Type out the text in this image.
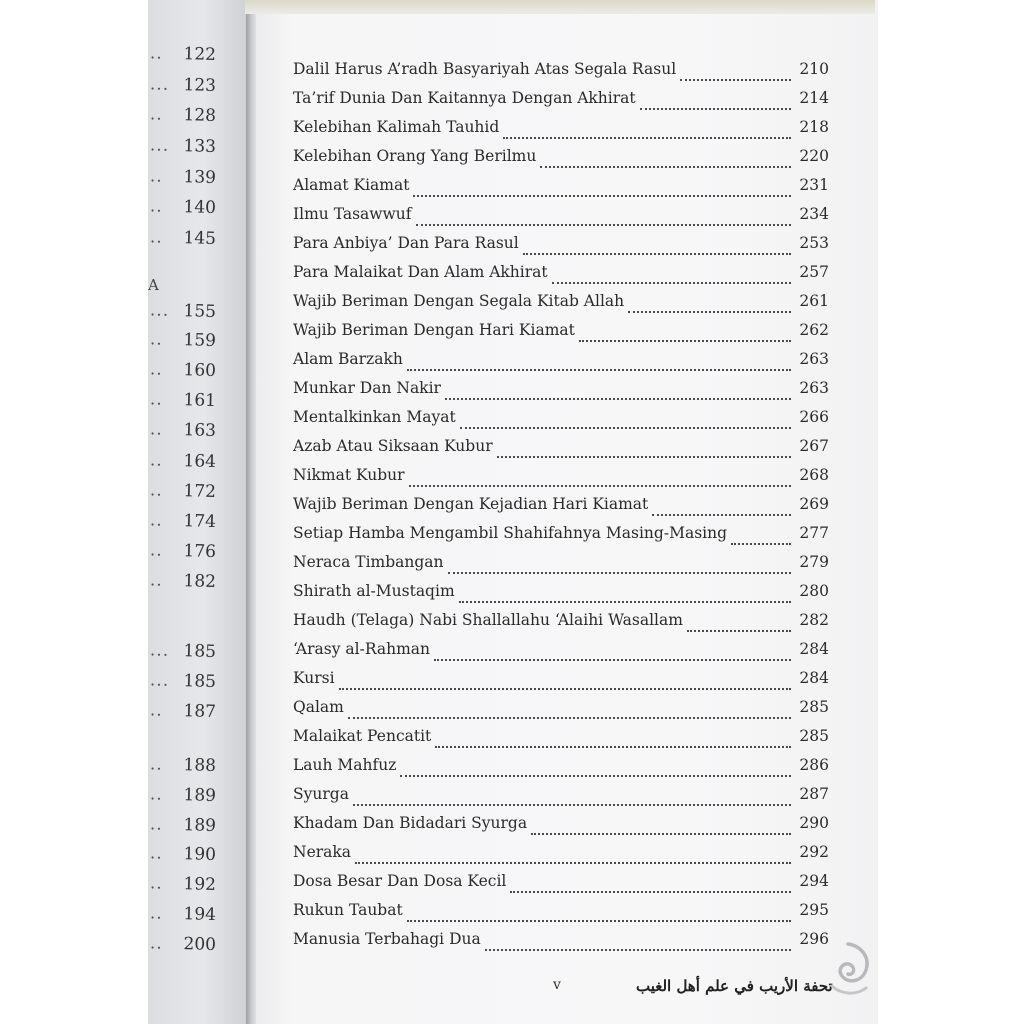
A
.. 122
... 123
.. 128
... 133
.. 139
.. 140
.. 145
... 155
.. 159
.. 160
.. 161
.. 163
.. 164
.. 172
.. 174
.. 176
.. 182
... 185
... 185
.. 187
.. 188
.. 189
.. 189
.. 190
.. 192
.. 194
.. 200
Dalil Harus A’radh Basyariyah Atas Segala Rasul	210
Ta’rif Dunia Dan Kaitannya Dengan Akhirat	214
Kelebihan Kalimah Tauhid	218
Kelebihan Orang Yang Berilmu	220
Alamat Kiamat	231
Ilmu Tasawwuf	234
Para Anbiya’ Dan Para Rasul	253
Para Malaikat Dan Alam Akhirat	257
Wajib Beriman Dengan Segala Kitab Allah	261
Wajib Beriman Dengan Hari Kiamat	262
Alam Barzakh	263
Munkar Dan Nakir	263
Mentalkinkan Mayat	266
Azab Atau Siksaan Kubur	267
Nikmat Kubur	268
Wajib Beriman Dengan Kejadian Hari Kiamat	269
Setiap Hamba Mengambil Shahifahnya Masing-Masing	277
Neraca Timbangan	279
Shirath al-Mustaqim	280
Haudh (Telaga) Nabi Shallallahu ‘Alaihi Wasallam	282
‘Arasy al-Rahman	284
Kursi	284
Qalam	285
Malaikat Pencatit	285
Lauh Mahfuz	286
Syurga	287
Khadam Dan Bidadari Syurga	290
Neraka	292
Dosa Besar Dan Dosa Kecil	294
Rukun Taubat	295
Manusia Terbahagi Dua	296
v	تحفة الأريب في علم أهل الغيب
